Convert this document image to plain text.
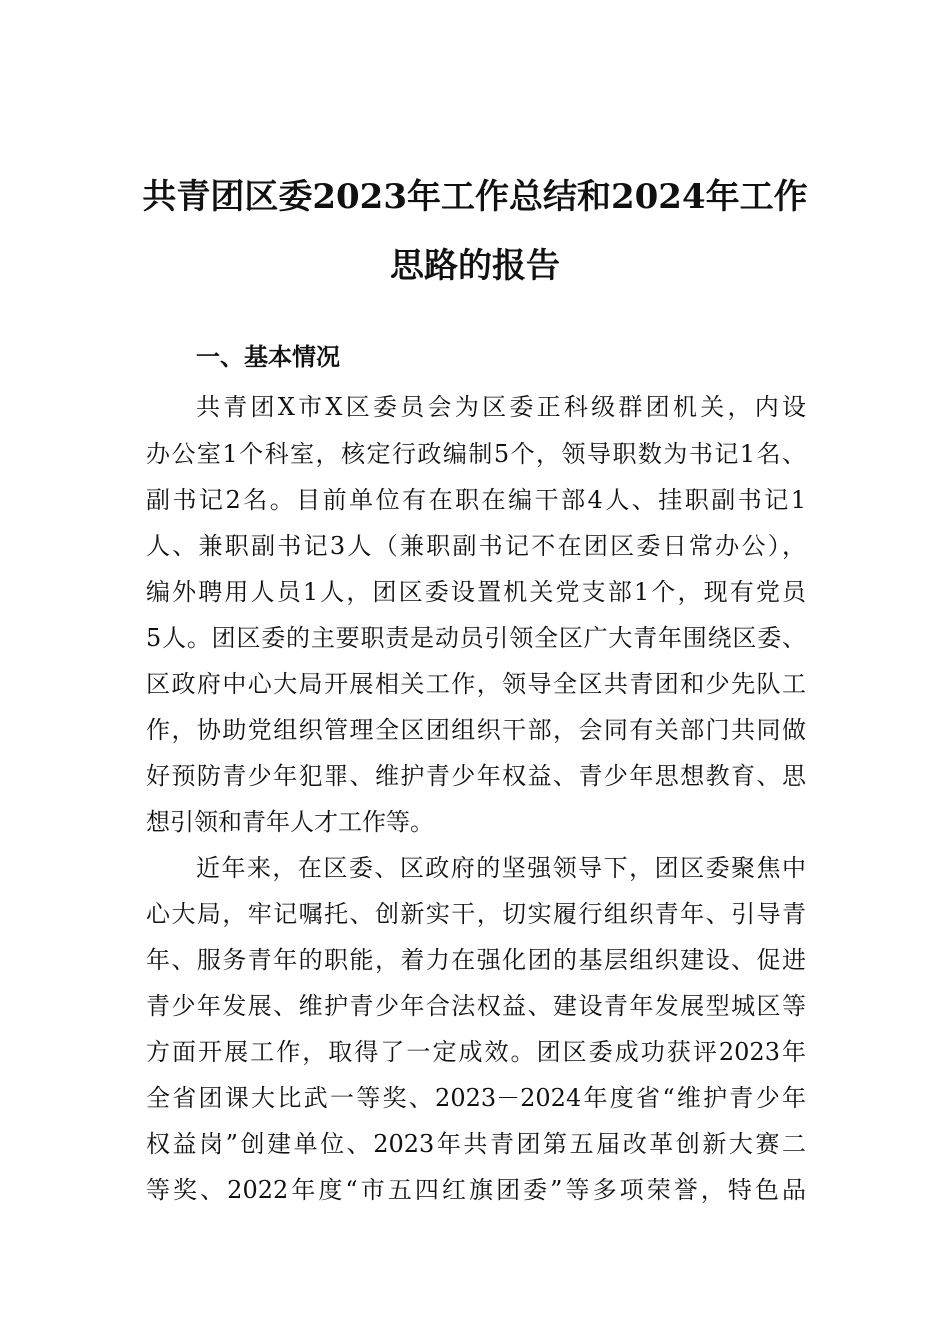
共青团区委2023年工作总结和2024年工作
思路的报告
一、基本情况
共青团X市X区委员会为区委正科级群团机关，内设
办公室1个科室，核定行政编制5个，领导职数为书记1名、
副书记2名。目前单位有在职在编干部4人、挂职副书记1
人、兼职副书记3人（兼职副书记不在团区委日常办公），
编外聘用人员1人，团区委设置机关党支部1个，现有党员
5人。团区委的主要职责是动员引领全区广大青年围绕区委、
区政府中心大局开展相关工作，领导全区共青团和少先队工
作，协助党组织管理全区团组织干部，会同有关部门共同做
好预防青少年犯罪、维护青少年权益、青少年思想教育、思
想引领和青年人才工作等。
近年来，在区委、区政府的坚强领导下，团区委聚焦中
心大局，牢记嘱托、创新实干，切实履行组织青年、引导青
年、服务青年的职能，着力在强化团的基层组织建设、促进
青少年发展、维护青少年合法权益、建设青年发展型城区等
方面开展工作，取得了一定成效。团区委成功获评2023年
全省团课大比武一等奖、2023－2024年度省“维护青少年
权益岗”创建单位、2023年共青团第五届改革创新大赛二
等奖、2022年度“市五四红旗团委”等多项荣誉，特色品
